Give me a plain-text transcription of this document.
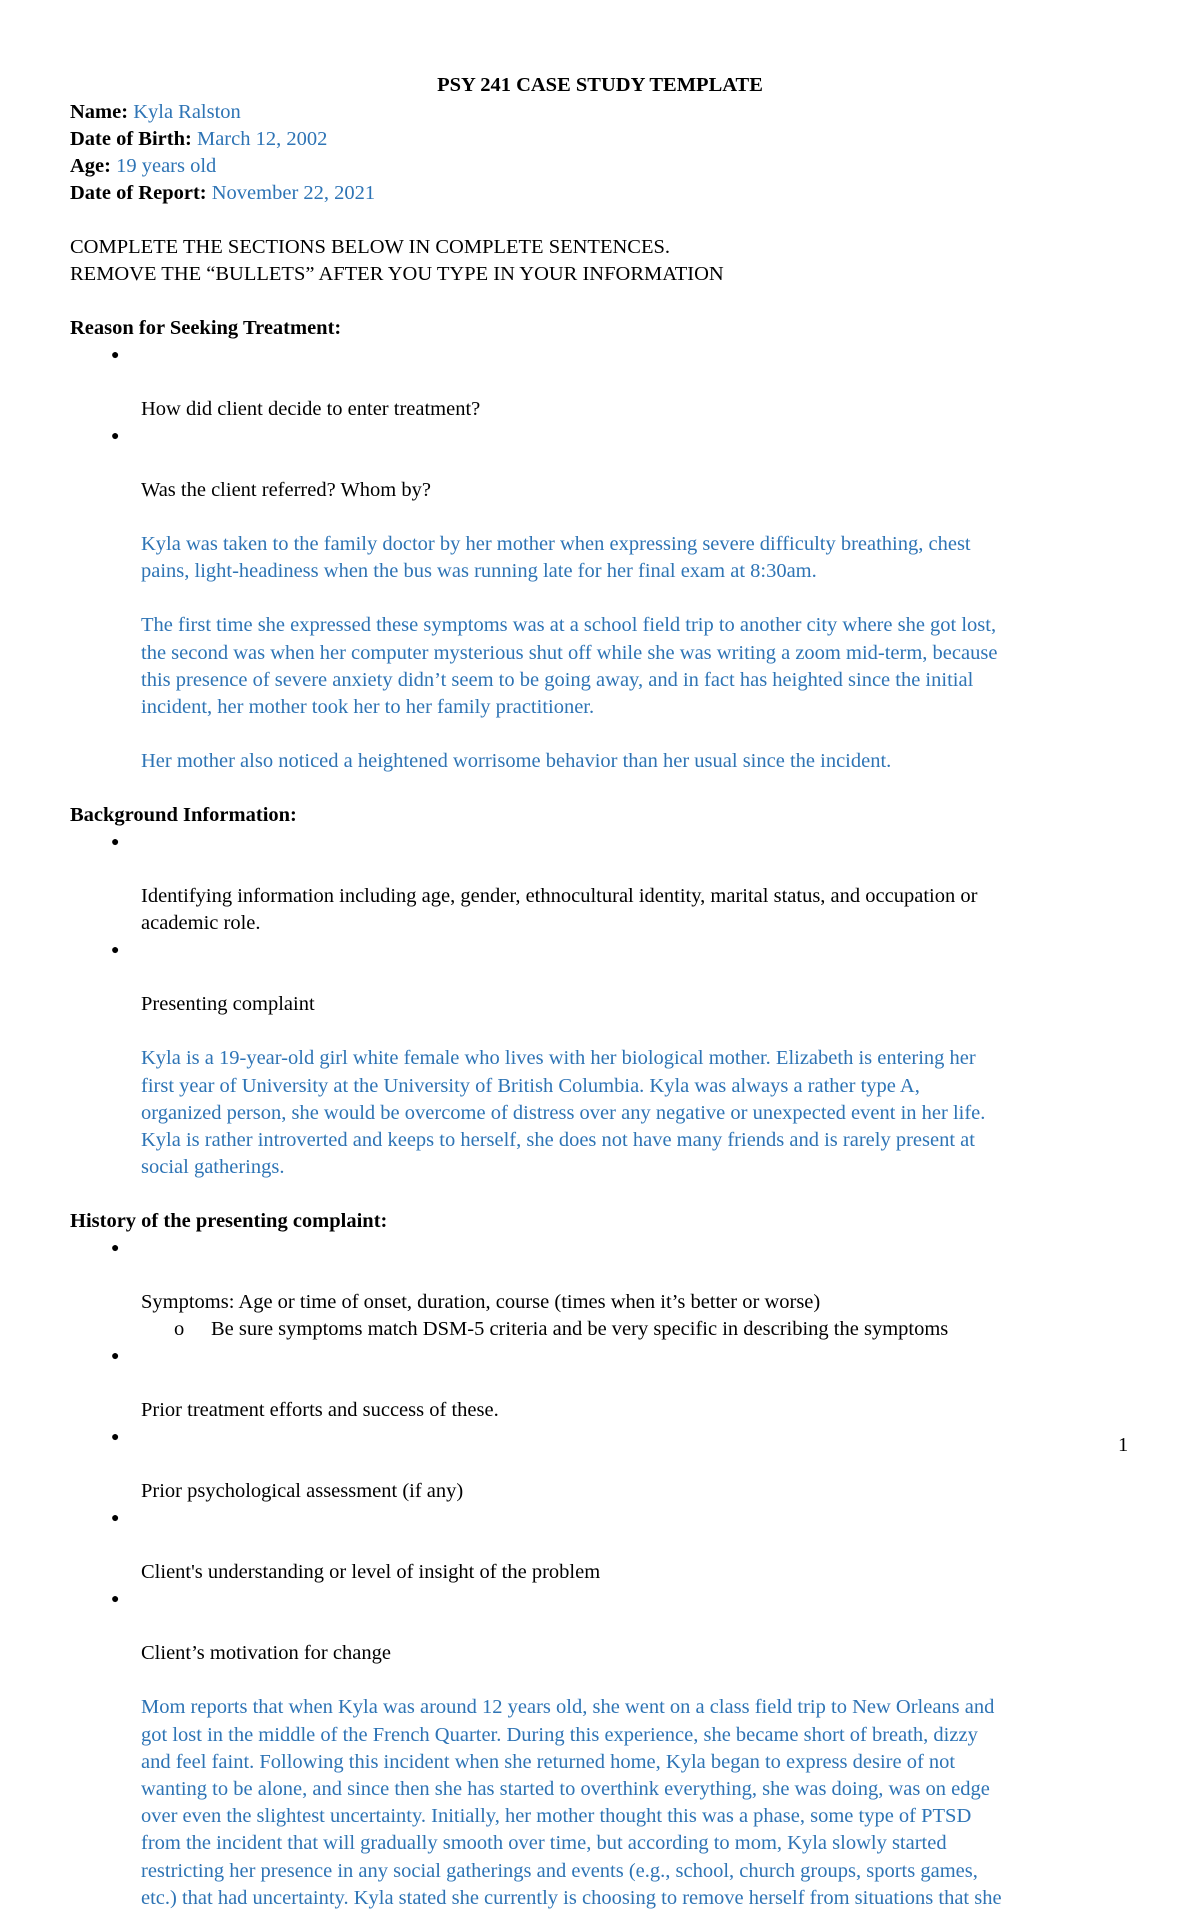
PSY 241 CASE STUDY TEMPLATE
Name: Kyla Ralston
Date of Birth: March 12, 2002
Age: 19 years old
Date of Report: November 22, 2021
COMPLETE THE SECTIONS BELOW IN COMPLETE SENTENCES.
REMOVE THE “BULLETS” AFTER YOU TYPE IN YOUR INFORMATION
Reason for Seeking Treatment:

●

How did client decide to enter treatment?

●

Was the client referred? Whom by?

Kyla was taken to the family doctor by her mother when expressing severe difficulty breathing, chest
pains, light-headiness when the bus was running late for her final exam at 8:30am.
The first time she expressed these symptoms was at a school field trip to another city where she got lost,
the second was when her computer mysterious shut off while she was writing a zoom mid-term, because
this presence of severe anxiety didn’t seem to be going away, and in fact has heighted since the initial
incident, her mother took her to her family practitioner.
Her mother also noticed a heightened worrisome behavior than her usual since the incident.
Background Information:

●

Identifying information including age, gender, ethnocultural identity, marital status, and occupation or
academic role.

●

Presenting complaint

Kyla is a 19-year-old girl white female who lives with her biological mother. Elizabeth is entering her
first year of University at the University of British Columbia. Kyla was always a rather type A,
organized person, she would be overcome of distress over any negative or unexpected event in her life.
Kyla is rather introverted and keeps to herself, she does not have many friends and is rarely present at
social gatherings.
History of the presenting complaint:

●

Symptoms: Age or time of onset, duration, course (times when it’s better or worse)

o Be sure symptoms match DSM-5 criteria and be very specific in describing the symptoms

●

Prior treatment efforts and success of these.

●

Prior psychological assessment (if any)

●

Client's understanding or level of insight of the problem

●

Client’s motivation for change

Mom reports that when Kyla was around 12 years old, she went on a class field trip to New Orleans and
got lost in the middle of the French Quarter. During this experience, she became short of breath, dizzy
and feel faint. Following this incident when she returned home, Kyla began to express desire of not
wanting to be alone, and since then she has started to overthink everything, she was doing, was on edge
over even the slightest uncertainty. Initially, her mother thought this was a phase, some type of PTSD
from the incident that will gradually smooth over time, but according to mom, Kyla slowly started
restricting her presence in any social gatherings and events (e.g., school, church groups, sports games,
etc.) that had uncertainty. Kyla stated she currently is choosing to remove herself from situations that she
1
